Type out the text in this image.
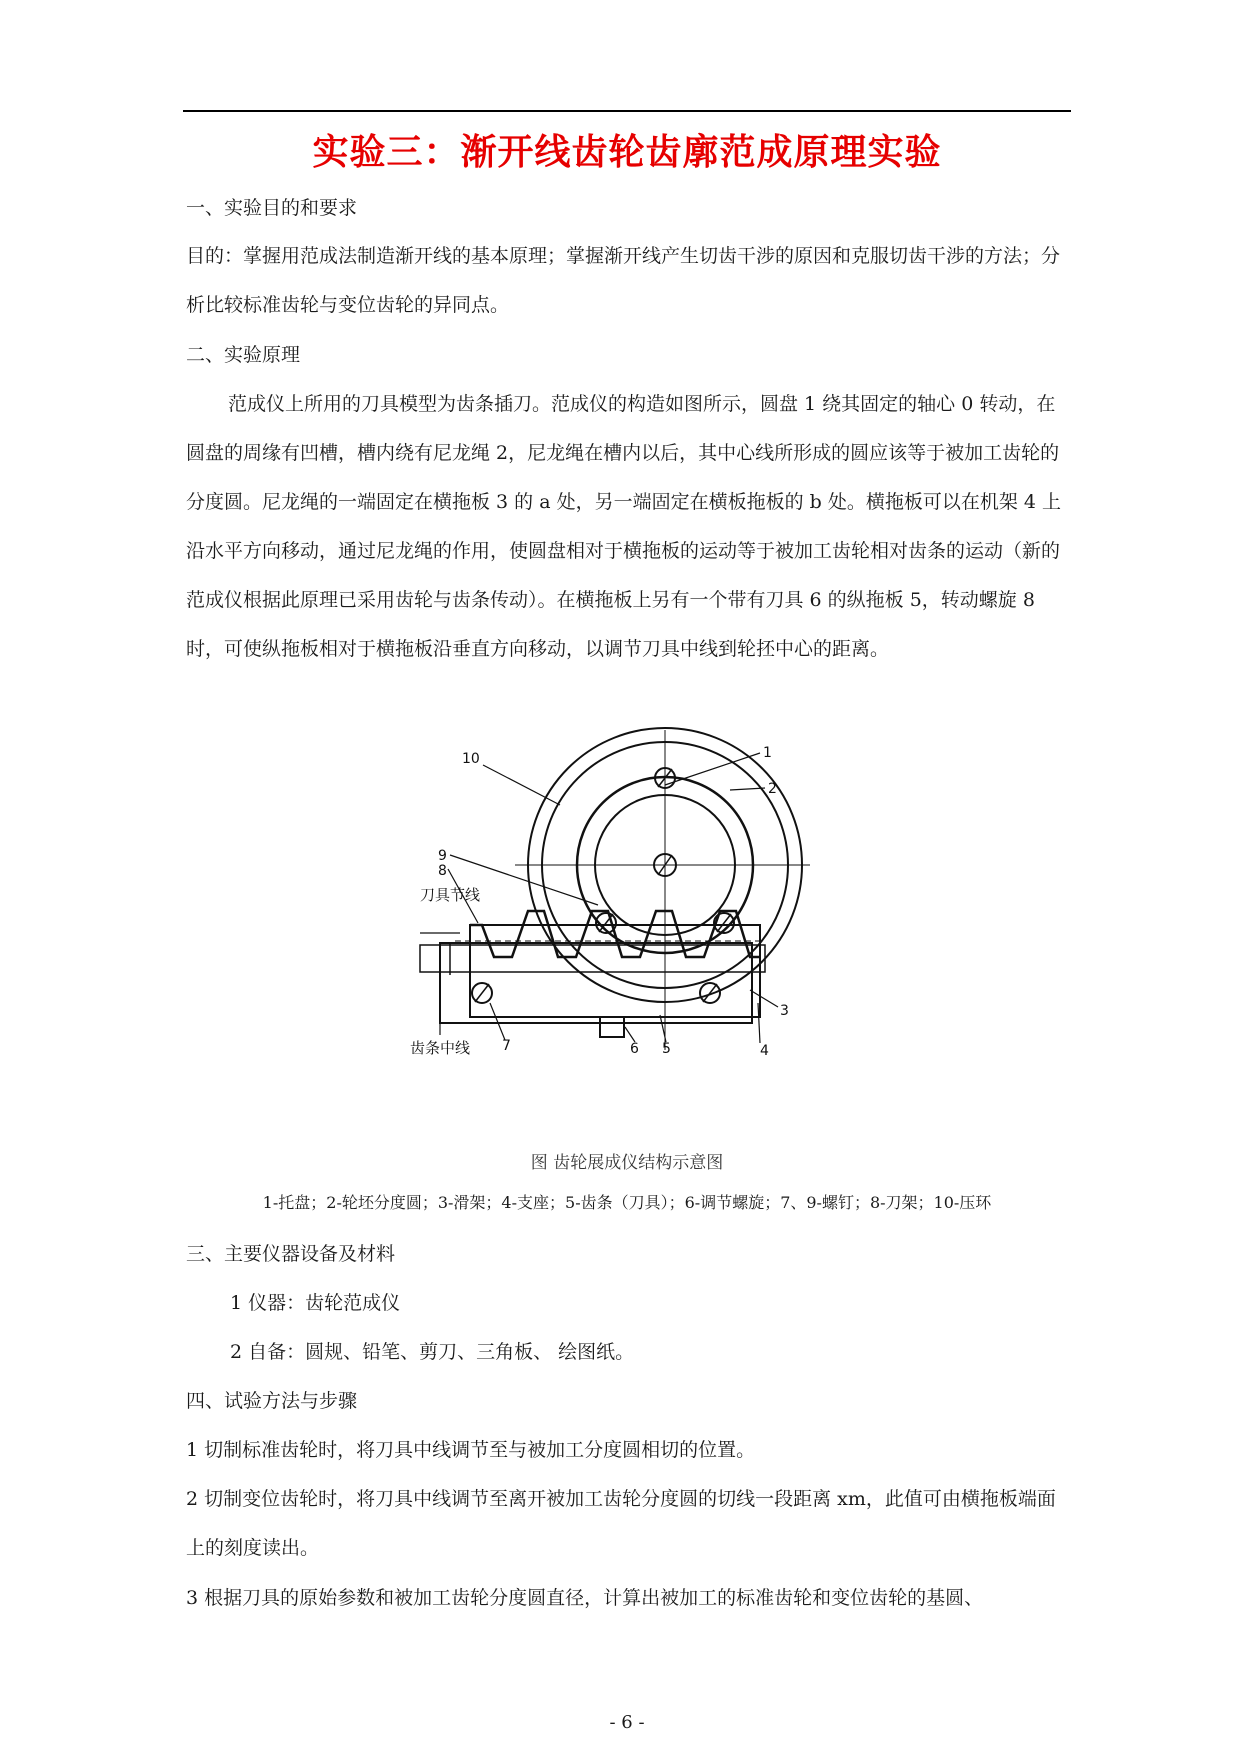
实验三：渐开线齿轮齿廓范成原理实验

一、实验目的和要求

目的：掌握用范成法制造渐开线的基本原理；掌握渐开线产生切齿干涉的原因和克服切齿干涉的方法；分析比较标准齿轮与变位齿轮的异同点。

二、实验原理

范成仪上所用的刀具模型为齿条插刀。范成仪的构造如图所示，圆盘 1 绕其固定的轴心 0 转动，在圆盘的周缘有凹槽，槽内绕有尼龙绳 2，尼龙绳在槽内以后，其中心线所形成的圆应该等于被加工齿轮的分度圆。尼龙绳的一端固定在横拖板 3 的 a 处，另一端固定在横板拖板的 b 处。横拖板可以在机架 4 上沿水平方向移动，通过尼龙绳的作用，使圆盘相对于横拖板的运动等于被加工齿轮相对齿条的运动（新的范成仪根据此原理已采用齿轮与齿条传动）。在横拖板上另有一个带有刀具 6 的纵拖板 5，转动螺旋 8 时，可使纵拖板相对于横拖板沿垂直方向移动，以调节刀具中线到轮抷中心的距离。

10	1
2
9
8
3
4
5
6
7
刀具节线
齿条中线
图 齿轮展成仪结构示意图
1-托盘；2-轮坯分度圆；3-滑架；4-支座；5-齿条（刀具）；6-调节螺旋；7、9-螺钉；8-刀架；10-压环

三、主要仪器设备及材料

1 仪器：齿轮范成仪

2 自备：圆规、铅笔、剪刀、三角板、 绘图纸。

四、试验方法与步骤

1 切制标准齿轮时，将刀具中线调节至与被加工分度圆相切的位置。

2 切制变位齿轮时，将刀具中线调节至离开被加工齿轮分度圆的切线一段距离 xm，此值可由横拖板端面上的刻度读出。

3 根据刀具的原始参数和被加工齿轮分度圆直径，计算出被加工的标准齿轮和变位齿轮的基圆、

- 6 -
